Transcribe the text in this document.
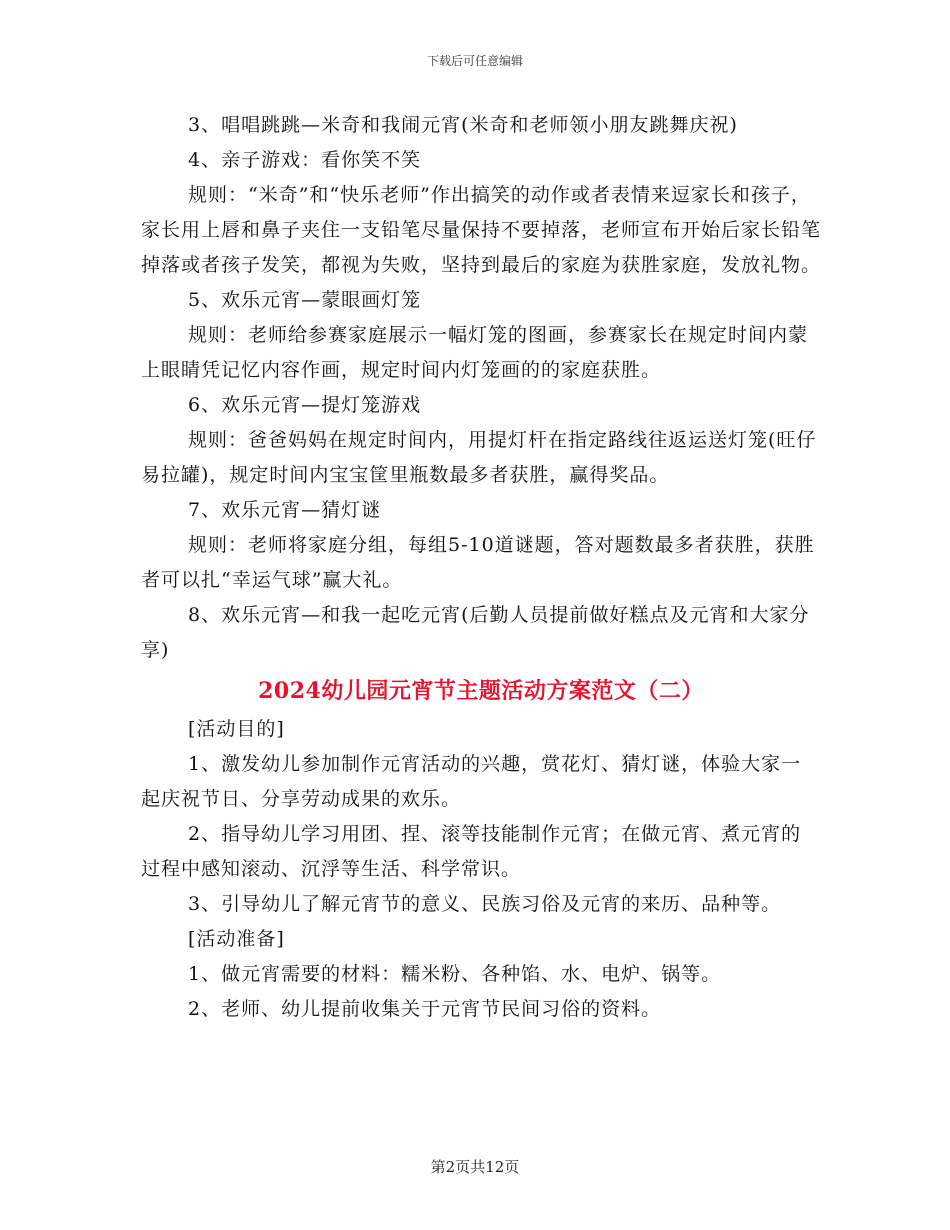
下载后可任意编辑

3、唱唱跳跳—米奇和我闹元宵(米奇和老师领小朋友跳舞庆祝)

4、亲子游戏：看你笑不笑

规则：“米奇”和“快乐老师”作出搞笑的动作或者表情来逗家长和孩子，家长用上唇和鼻子夹住一支铅笔尽量保持不要掉落，老师宣布开始后家长铅笔掉落或者孩子发笑，都视为失败，坚持到最后的家庭为获胜家庭，发放礼物。

5、欢乐元宵—蒙眼画灯笼

规则：老师给参赛家庭展示一幅灯笼的图画，参赛家长在规定时间内蒙上眼睛凭记忆内容作画，规定时间内灯笼画的的家庭获胜。

6、欢乐元宵—提灯笼游戏

规则：爸爸妈妈在规定时间内，用提灯杆在指定路线往返运送灯笼(旺仔易拉罐)，规定时间内宝宝筐里瓶数最多者获胜，赢得奖品。

7、欢乐元宵—猜灯谜

规则：老师将家庭分组，每组5-10道谜题，答对题数最多者获胜，获胜者可以扎“幸运气球”赢大礼。

8、欢乐元宵—和我一起吃元宵(后勤人员提前做好糕点及元宵和大家分享)

2024幼儿园元宵节主题活动方案范文（二）

[活动目的]

1、激发幼儿参加制作元宵活动的兴趣，赏花灯、猜灯谜，体验大家一起庆祝节日、分享劳动成果的欢乐。

2、指导幼儿学习用团、捏、滚等技能制作元宵；在做元宵、煮元宵的过程中感知滚动、沉浮等生活、科学常识。

3、引导幼儿了解元宵节的意义、民族习俗及元宵的来历、品种等。

[活动准备]

1、做元宵需要的材料：糯米粉、各种馅、水、电炉、锅等。

2、老师、幼儿提前收集关于元宵节民间习俗的资料。

第2页共12页
